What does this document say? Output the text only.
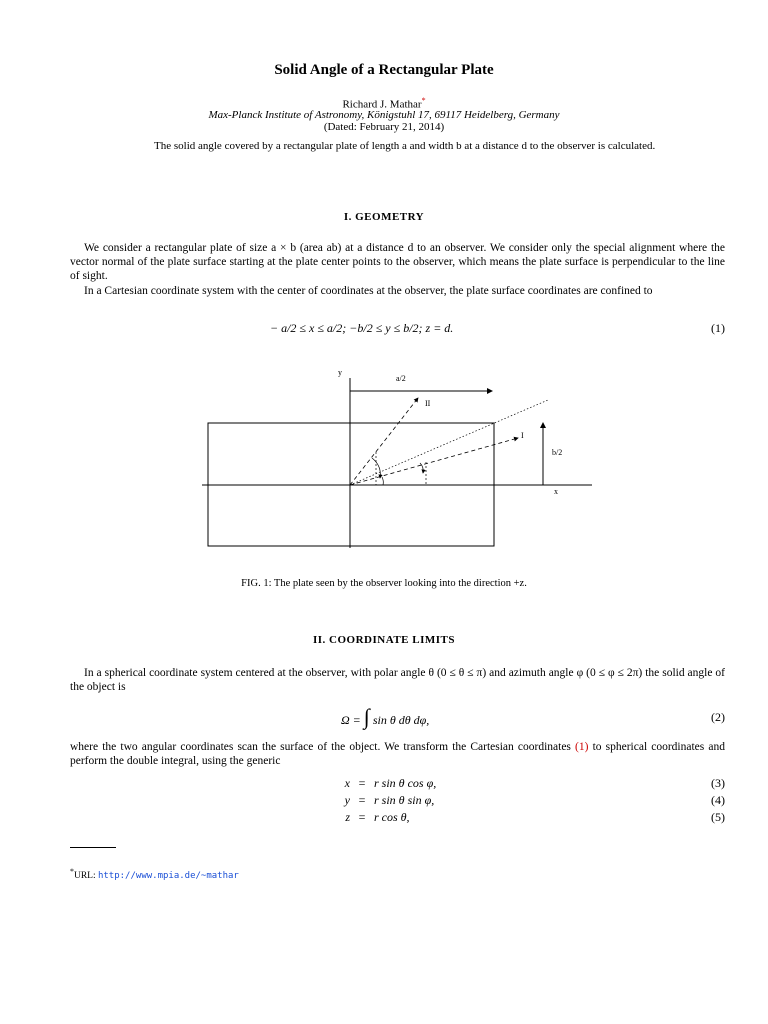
Solid Angle of a Rectangular Plate
Richard J. Mathar*
Max-Planck Institute of Astronomy, Königstuhl 17, 69117 Heidelberg, Germany
(Dated: February 21, 2014)
The solid angle covered by a rectangular plate of length a and width b at a distance d to the observer is calculated.
I. GEOMETRY
We consider a rectangular plate of size a × b (area ab) at a distance d to an observer. We consider only the special alignment where the vector normal of the plate surface starting at the plate center points to the observer, which means the plate surface is perpendicular to the line of sight.
In a Cartesian coordinate system with the center of coordinates at the observer, the plate surface coordinates are confined to
− a/2 ≤ x ≤ a/2; −b/2 ≤ y ≤ b/2; z = d.	(1)
y
a/2
b/2
x
I
II
FIG. 1: The plate seen by the observer looking into the direction +z.
II. COORDINATE LIMITS
In a spherical coordinate system centered at the observer, with polar angle θ (0 ≤ θ ≤ π) and azimuth angle φ (0 ≤ φ ≤ 2π) the solid angle of the object is
Ω = ∫ sin θ dθ dφ,	(2)
where the two angular coordinates scan the surface of the object. We transform the Cartesian coordinates (1) to spherical coordinates and perform the double integral, using the generic
x = r sin θ cos φ,
y = r sin θ sin φ,
z = r cos θ,
(3)
(4)
(5)
*URL: http://www.mpia.de/~mathar
